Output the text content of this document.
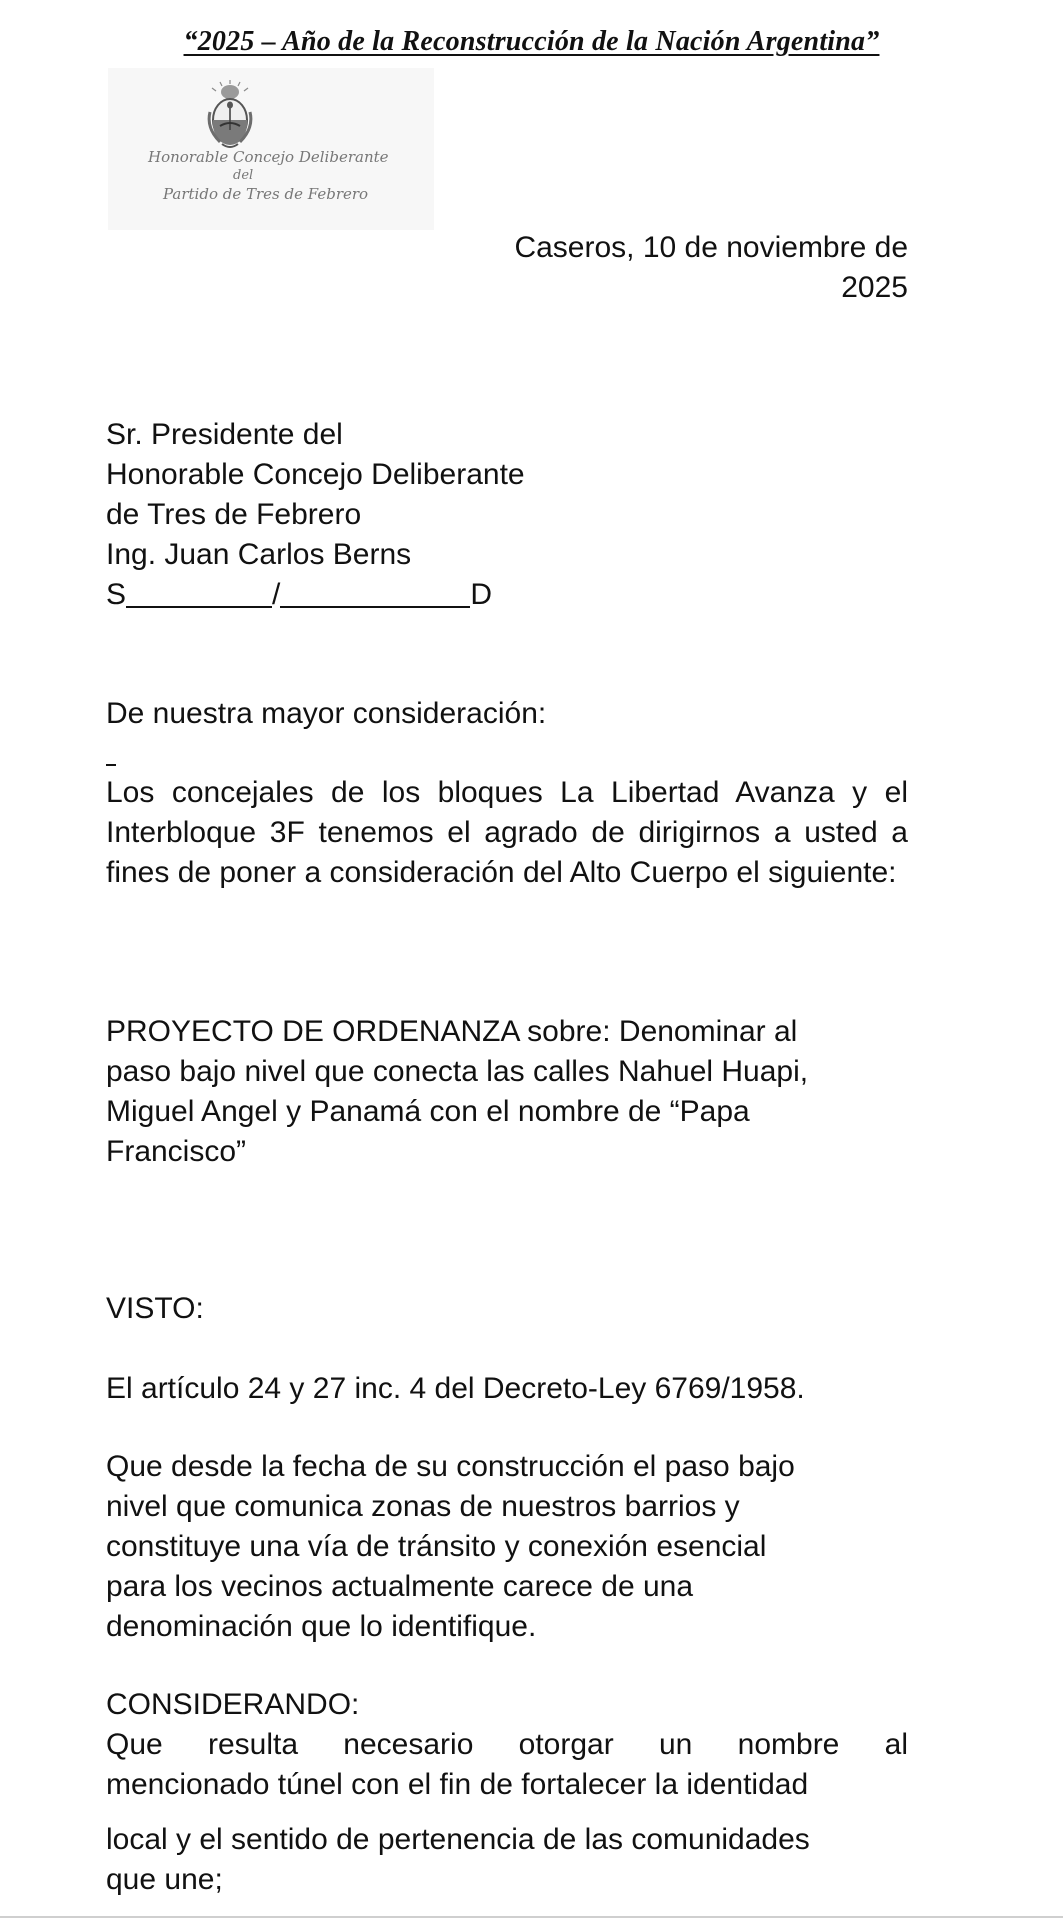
“2025 – Año de la Reconstrucción de la Nación Argentina”
Honorable Concejo Deliberante
del
Partido de Tres de Febrero
Caseros, 10 de noviembre de
2025
Sr. Presidente del
Honorable Concejo Deliberante
de Tres de Febrero
Ing. Juan Carlos Berns
S	/	D
De nuestra mayor consideración:
Los concejales de los bloques La Libertad Avanza y el Interbloque 3F tenemos el agrado de dirigirnos a usted a fines de poner a consideración del Alto Cuerpo el siguiente:
PROYECTO DE ORDENANZA sobre: Denominar al
paso bajo nivel que conecta las calles Nahuel Huapi,
Miguel Angel y Panamá con el nombre de “Papa
Francisco”
VISTO:
El artículo 24 y 27 inc. 4 del Decreto-Ley 6769/1958.
Que desde la fecha de su construcción el paso bajo
nivel que comunica zonas de nuestros barrios y
constituye una vía de tránsito y conexión esencial
para los vecinos actualmente carece de una
denominación que lo identifique.
CONSIDERANDO:
Que resulta necesario otorgar un nombre al
mencionado túnel con el fin de fortalecer la identidad
local y el sentido de pertenencia de las comunidades
que une;
